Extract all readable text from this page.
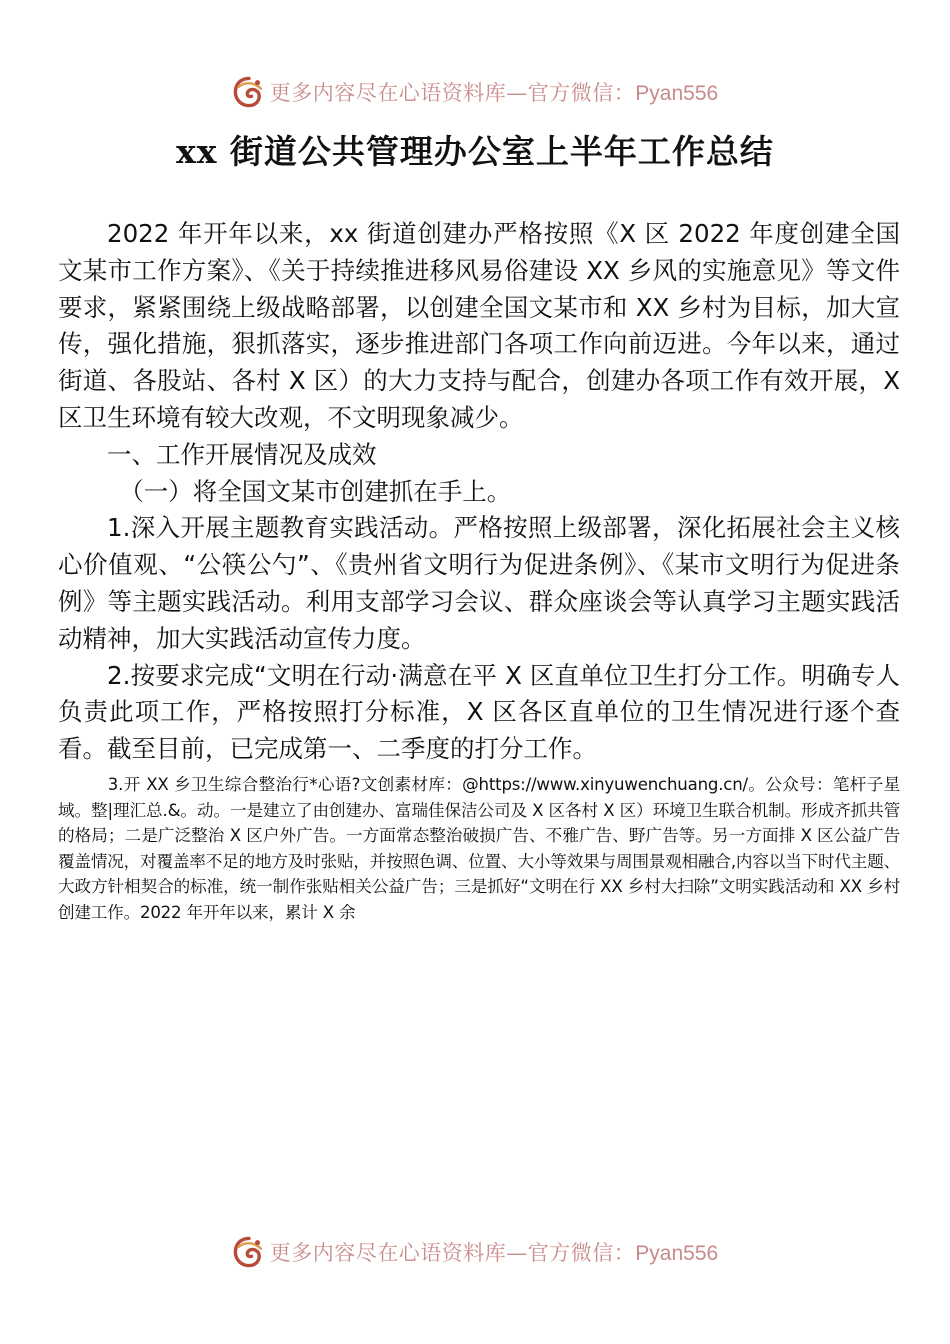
更多内容尽在心语资料库—官方微信：Pyan556
xx 街道公共管理办公室上半年工作总结

2022 年开年以来，xx 街道创建办严格按照《X 区 2022 年度创建全国文某市工作方案》、《关于持续推进移风易俗建设 XX 乡风的实施意见》等文件要求，紧紧围绕上级战略部署，以创建全国文某市和 XX 乡村为目标，加大宣传，强化措施，狠抓落实，逐步推进部门各项工作向前迈进。今年以来，通过街道、各股站、各村 X 区）的大力支持与配合，创建办各项工作有效开展，X 区卫生环境有较大改观，不文明现象减少。

一、工作开展情况及成效

（一）将全国文某市创建抓在手上。

1.深入开展主题教育实践活动。严格按照上级部署，深化拓展社会主义核心价值观、“公筷公勺”、《贵州省文明行为促进条例》、《某市文明行为促进条例》等主题实践活动。利用支部学习会议、群众座谈会等认真学习主题实践活动精神，加大实践活动宣传力度。

2.按要求完成“文明在行动·满意在平 X 区直单位卫生打分工作。明确专人负责此项工作，严格按照打分标准，X 区各区直单位的卫生情况进行逐个查看。截至目前，已完成第一、二季度的打分工作。

3.开 XX 乡卫生综合整治行*心语?文创素材库：@https://www.xinyuwenchuang.cn/。公众号：笔杆子星域。整|理汇总.&。动。一是建立了由创建办、富瑞佳保洁公司及 X 区各村 X 区）环境卫生联合机制。形成齐抓共管的格局；二是广泛整治 X 区户外广告。一方面常态整治破损广告、不雅广告、野广告等。另一方面排 X 区公益广告覆盖情况，对覆盖率不足的地方及时张贴，并按照色调、位置、大小等效果与周围景观相融合,内容以当下时代主题、大政方针相契合的标准，统一制作张贴相关公益广告；三是抓好“文明在行 XX 乡村大扫除”文明实践活动和 XX 乡村创建工作。2022 年开年以来，累计 X 余

更多内容尽在心语资料库—官方微信：Pyan556
